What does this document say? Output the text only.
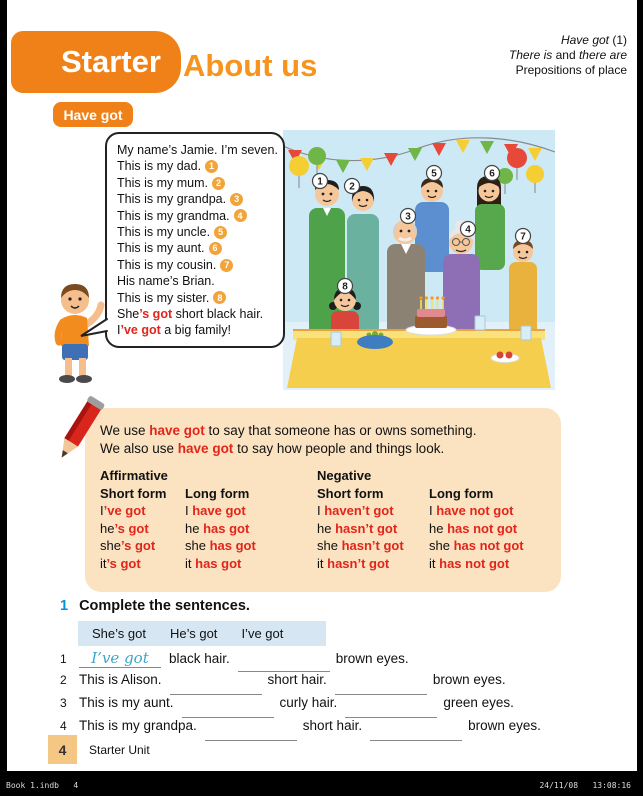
Starter About us
Have got (1)
There is and there are
Prepositions of place
Have got
My name’s Jamie. I’m seven.
This is my dad. 1
This is my mum. 2
This is my grandpa. 3
This is my grandma. 4
This is my uncle. 5
This is my aunt. 6
This is my cousin. 7
His name’s Brian.
This is my sister. 8
She’s got short black hair.
I’ve got a big family!
1	2
3
4
5	6
7
8
We use have got to say that someone has or owns something.
We also use have got to say how people and things look.
Affirmative	Negative
Short form	Long form	Short form	Long form
I’ve got	I have got	I haven’t got	I have not got
he’s got	he has got	he hasn’t got	he has not got
she’s got	she has got	she hasn’t got	she has not got
it’s got	it has got	it hasn’t got	it has not got
1 Complete the sentences.
She’s got He’s got I’ve got
1	I’ve got	black hair.	brown eyes.
2 This is Alison.	short hair.	brown eyes.
3 This is my aunt.	curly hair.	green eyes.
4 This is my grandpa.	short hair.	brown eyes.
4	Starter Unit
Book 1.indb   4	24/11/08   13:08:16
